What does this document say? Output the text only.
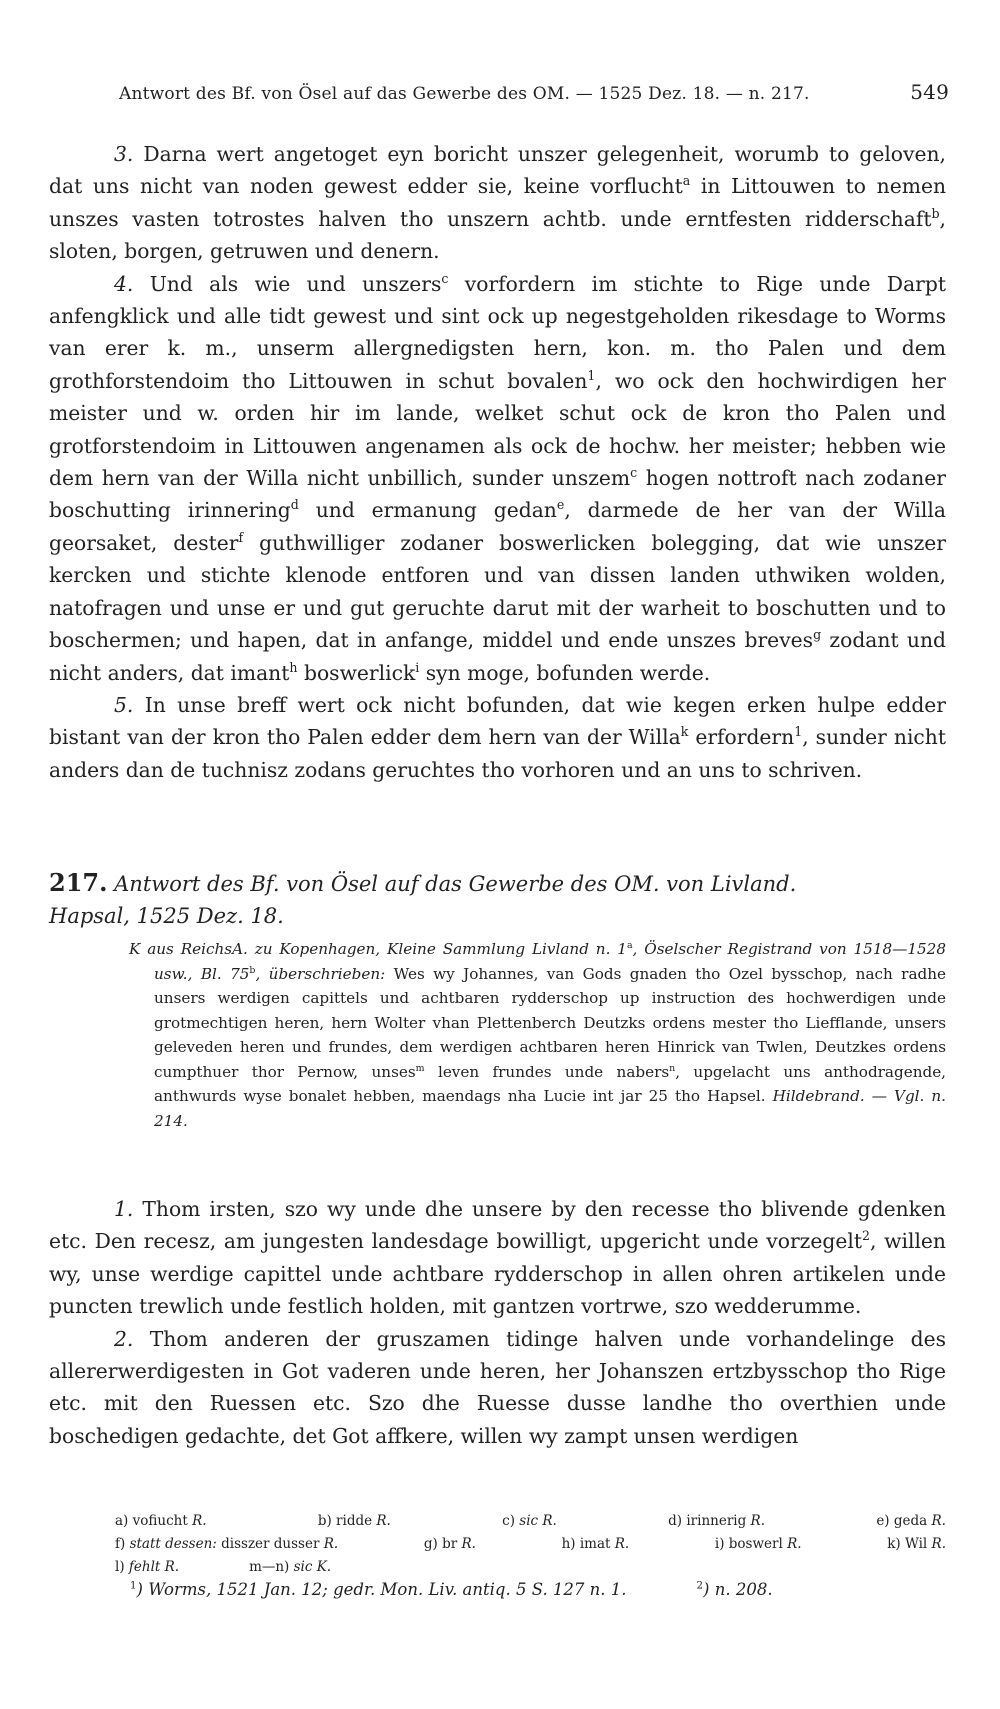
Antwort des Bf. von Ösel auf das Gewerbe des OM. — 1525 Dez. 18. — n. 217.	549

3. Darna wert angetoget eyn boricht unszer gelegenheit, worumb to geloven, dat uns nicht van noden gewest edder sie, keine vorflucht$^a$ in Littouwen to nemen unszes vasten totrostes halven tho unszern achtb. unde erntfesten ridderschaft$^b$, sloten, borgen, getruwen und denern.

4. Und als wie und unszers$^c$ vorfordern im stichte to Rige unde Darpt anfengklick und alle tidt gewest und sint ock up negestgeholden rikesdage to Worms van erer k. m., unserm allergnedigsten hern, kon. m. tho Palen und dem grothforstendoim tho Littouwen in schut bovalen$^1$, wo ock den hochwirdigen her meister und w. orden hir im lande, welket schut ock de kron tho Palen und grotforstendoim in Littouwen angenamen als ock de hochw. her meister; hebben wie dem hern van der Willa nicht unbillich, sunder unszem$^c$ hogen nottroft nach zodaner boschutting irinnering$^d$ und ermanung gedan$^e$, darmede de her van der Willa georsaket, dester$^f$ guthwilliger zodaner boswerlicken bolegging, dat wie unszer kercken und stichte klenode entforen und van dissen landen uthwiken wolden, natofragen und unse er und gut geruchte darut mit der warheit to boschutten und to boschermen; und hapen, dat in anfange, middel und ende unszes breves$^g$ zodant und nicht anders, dat imant$^h$ boswerlick$^i$ syn moge, bofunden werde.

5. In unse breff wert ock nicht bofunden, dat wie kegen erken hulpe edder bistant van der kron tho Palen edder dem hern van der Willa$^k$ erfordern$^1$, sunder nicht anders dan de tuchnisz zodans geruchtes tho vorhoren und an uns to schriven.

217. Antwort des Bf. von Ösel auf das Gewerbe des OM. von Livland.
Hapsal, 1525 Dez. 18.
K aus ReichsA. zu Kopenhagen, Kleine Sammlung Livland n. 1$^a$, Öselscher Registrand von 1518—1528 usw., Bl. 75$^b$, überschrieben: Wes wy Johannes, van Gods gnaden tho Ozel bysschop, nach radhe unsers werdigen capittels und achtbaren rydderschop up instruction des hochwerdigen unde grotmechtigen heren, hern Wolter vhan Plettenberch Deutzks ordens mester tho Liefflande, unsers geleveden heren und frundes, dem werdigen achtbaren heren Hinrick van Twlen, Deutzkes ordens cumpthuer thor Pernow, unses$^m$ leven frundes unde nabers$^n$, upgelacht uns anthodragende, anthwurds wyse bonalet hebben, maendags nha Lucie int jar 25 tho Hapsel. Hildebrand. — Vgl. n. 214.

1. Thom irsten, szo wy unde dhe unsere by den recesse tho blivende gdenken etc. Den recesz, am jungesten landesdage bowilligt, upgericht unde vorzegelt$^2$, willen wy, unse werdige capittel unde achtbare rydderschop in allen ohren artikelen unde puncten trewlich unde festlich holden, mit gantzen vortrwe, szo wedderumme.

2. Thom anderen der gruszamen tidinge halven unde vorhandelinge des allererwerdigesten in Got vaderen unde heren, her Johanszen ertzbysschop tho Rige etc. mit den Ruessen etc. Szo dhe Ruesse dusse landhe tho overthien unde boschedigen gedachte, det Got affkere, willen wy zampt unsen werdigen

a) vofiucht R.	b) ridde R.	c) sic R.	d) irinnerig R.	e) geda R.
f) statt dessen: disszer dusser R.	g) br R.	h) imat R.	i) boswerl R.	k) Wil R.
l) fehlt R.	m—n) sic K.
$^1$) Worms, 1521 Jan. 12; gedr. Mon. Liv. antiq. 5 S. 127 n. 1.	$^2$) n. 208.
